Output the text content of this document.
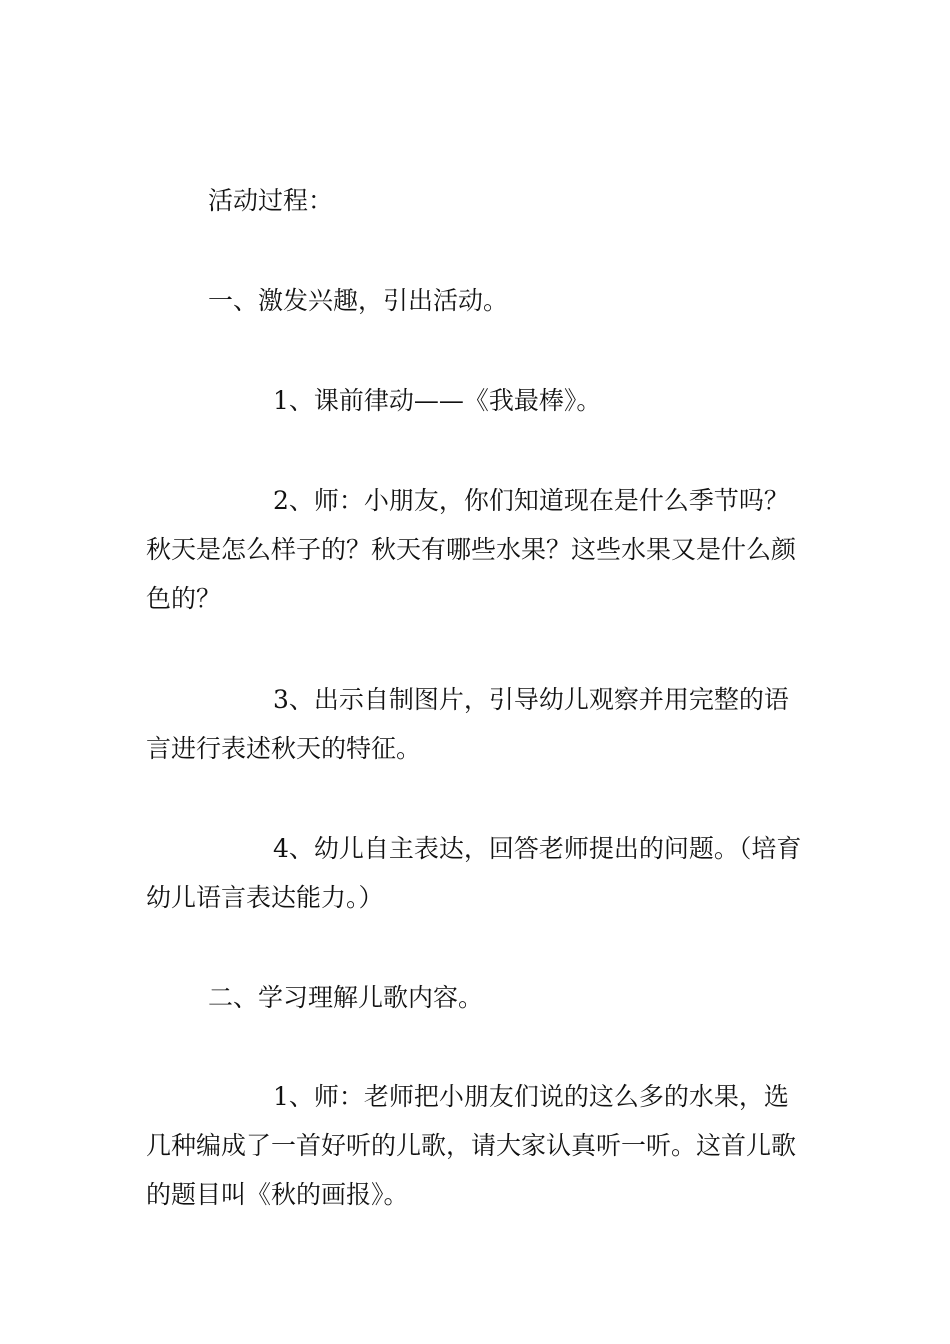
活动过程：

一、激发兴趣，引出活动。

1、课前律动——《我最棒》。

2、师：小朋友，你们知道现在是什么季节吗？秋天是怎么样子的？秋天有哪些水果？这些水果又是什么颜色的？

3、出示自制图片，引导幼儿观察并用完整的语言进行表述秋天的特征。

4、幼儿自主表达，回答老师提出的问题。（培育幼儿语言表达能力。）

二、学习理解儿歌内容。

1、师：老师把小朋友们说的这么多的水果，选几种编成了一首好听的儿歌，请大家认真听一听。这首儿歌的题目叫《秋的画报》。
